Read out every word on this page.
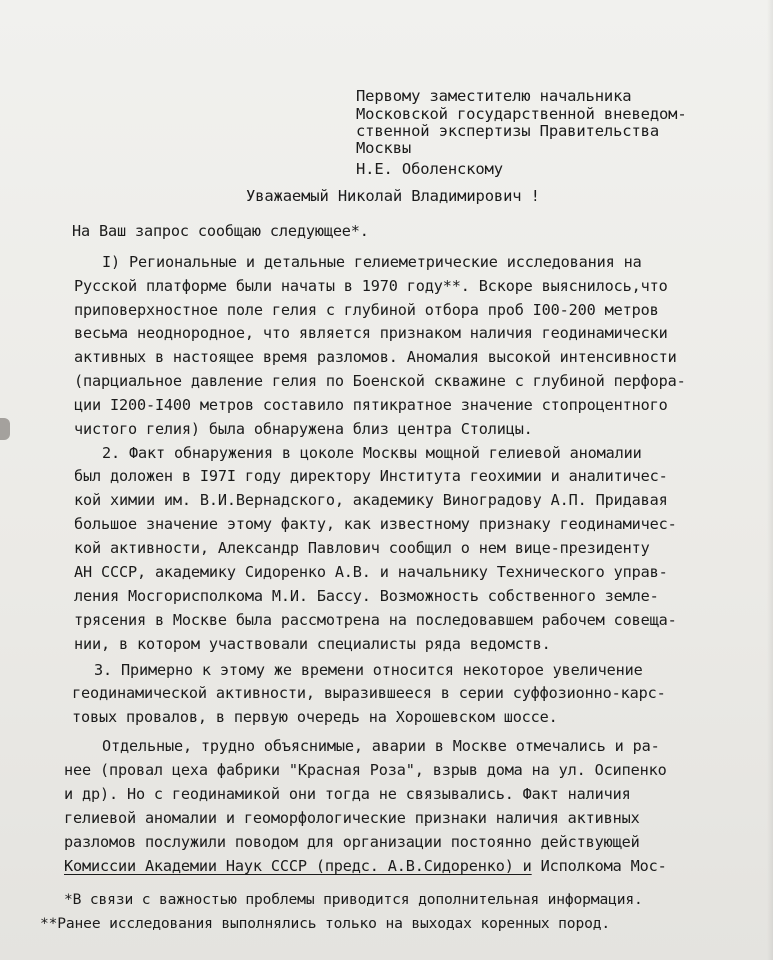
Первому заместителю начальника
Московской государственной вневедом-
ственной экспертизы Правительства
Москвы
Н.Е. Оболенскому
Уважаемый Николай Владимирович !
На Ваш запрос сообщаю следующее*.
I) Региональные и детальные гелиеметрические исследования на
Русской платформе были начаты в 1970 году**. Вскоре выяснилось,что
приповерхностное поле гелия с глубиной отбора проб I00-200 метров
весьма неоднородное, что является признаком наличия геодинамически
активных в настоящее время разломов. Аномалия высокой интенсивности
(парциальное давление гелия по Боенской скважине с глубиной перфора-
ции I200-I400 метров составило пятикратное значение стопроцентного
чистого гелия) была обнаружена близ центра Столицы.
2. Факт обнаружения в цоколе Москвы мощной гелиевой аномалии
был доложен в I97I году директору Института геохимии и аналитичес-
кой химии им. В.И.Вернадского, академику Виноградову А.П. Придавая
большое значение этому факту, как известному признаку геодинамичес-
кой активности, Александр Павлович сообщил о нем вице-президенту
АН СССР, академику Сидоренко А.В. и начальнику Технического управ-
ления Мосгорисполкома М.И. Бассу. Возможность собственного земле-
трясения в Москве была рассмотрена на последовавшем рабочем совеща-
нии, в котором участвовали специалисты ряда ведомств.
3. Примерно к этому же времени относится некоторое увеличение
геодинамической активности, выразившееся в серии суффозионно-карс-
товых провалов, в первую очередь на Хорошевском шоссе.
Отдельные, трудно объяснимые, аварии в Москве отмечались и ра-
нее (провал цеха фабрики "Красная Роза", взрыв дома на ул. Осипенко
и др). Но с геодинамикой они тогда не связывались. Факт наличия
гелиевой аномалии и геоморфологические признаки наличия активных
разломов послужили поводом для организации постоянно действующей
Комиссии Академии Наук СССР (предс. А.В.Сидоренко) и Исполкома Мос-
*В связи с важностью проблемы приводится дополнительная информация.
**Ранее исследования выполнялись только на выходах коренных пород.
